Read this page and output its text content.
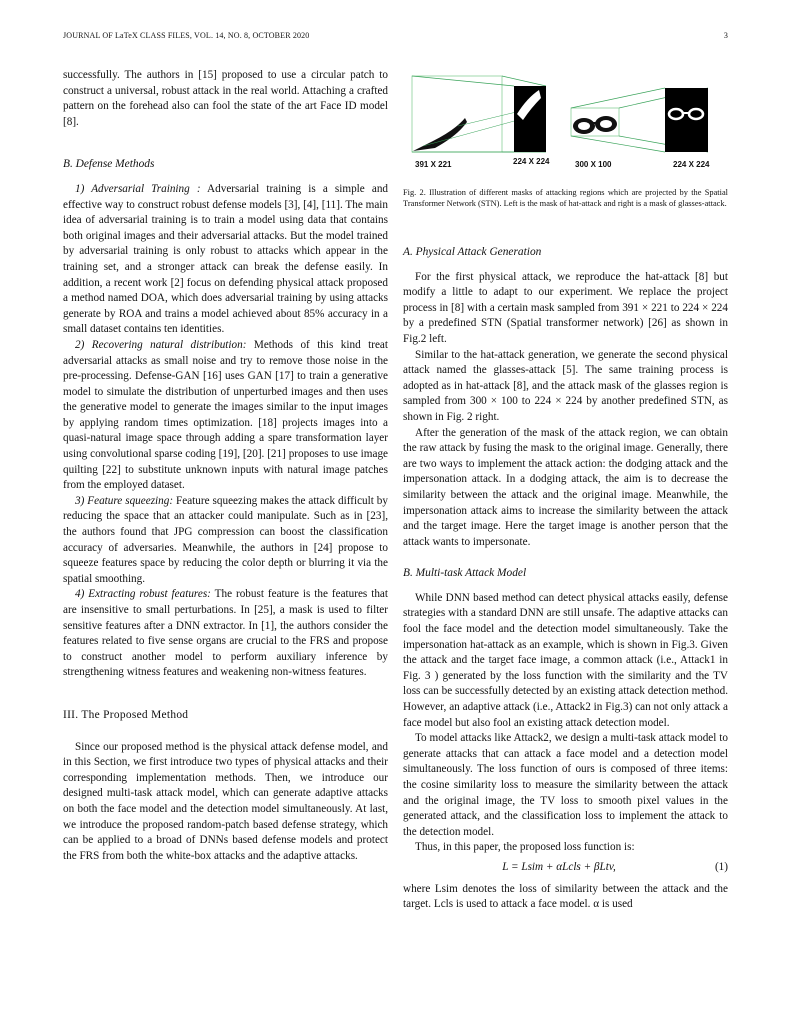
JOURNAL OF LaTeX CLASS FILES, VOL. 14, NO. 8, OCTOBER 2020	3

successfully. The authors in [15] proposed to use a circular patch to construct a universal, robust attack in the real world. Attaching a crafted pattern on the forehead also can fool the state of the art Face ID model [8].

B. Defense Methods

1) Adversarial Training : Adversarial training is a simple and effective way to construct robust defense models [3], [4], [11]. The main idea of adversarial training is to train a model using data that contains both original images and their adversarial attacks. But the model trained by adversarial training is only robust to attacks which appear in the training set, and a stronger attack can break the defense easily. In addition, a recent work [2] focus on defending physical attack proposed a method named DOA, which does adversarial training by using attacks generate by ROA and trains a model achieved about 85% accuracy in a small dataset contains ten identities.

2) Recovering natural distribution: Methods of this kind treat adversarial attacks as small noise and try to remove those noise in the pre-processing. Defense-GAN [16] uses GAN [17] to train a generative model to simulate the distribution of unperturbed images and then uses the generative model to generate the images similar to the input images by applying random times optimization. [18] projects images into a quasi-natural image space through adding a spare transformation layer using convolutional sparse coding [19], [20]. [21] proposes to use image quilting [22] to substitute unknown inputs with natural image patches from the employed dataset.

3) Feature squeezing: Feature squeezing makes the attack difficult by reducing the space that an attacker could manipulate. Such as in [23], the authors found that JPG compression can boost the classification accuracy of adversaries. Meanwhile, the authors in [24] propose to squeeze features space by reducing the color depth or blurring it via the spatial smoothing.

4) Extracting robust features: The robust feature is the features that are insensitive to small perturbations. In [25], a mask is used to filter sensitive features after a DNN extractor. In [1], the authors consider the features related to five sense organs are crucial to the FRS and propose to construct another model to perform auxiliary inference by strengthening witness features and weakening non-witness features.

III. The Proposed Method

Since our proposed method is the physical attack defense model, and in this Section, we first introduce two types of physical attacks and their corresponding implementation methods. Then, we introduce our designed multi-task attack model, which can generate adaptive attacks on both the face model and the detection model simultaneously. At last, we introduce the proposed random-patch based defense strategy, which can be applied to a broad of DNNs based defense models and protect the FRS from both the white-box attacks and the adaptive attacks.

391 X 221	224 X 224	300 X 100	224 X 224

Fig. 2. Illustration of different masks of attacking regions which are projected by the Spatial Transformer Network (STN). Left is the mask of hat-attack and right is a mask of glasses-attack.

A. Physical Attack Generation

For the first physical attack, we reproduce the hat-attack [8] but modify a little to adapt to our experiment. We replace the project process in [8] with a certain mask sampled from 391 × 221 to 224 × 224 by a predefined STN (Spatial transformer network) [26] as shown in Fig.2 left.

Similar to the hat-attack generation, we generate the second physical attack named the glasses-attack [5]. The same training process is adopted as in hat-attack [8], and the attack mask of the glasses region is sampled from 300 × 100 to 224 × 224 by another predefined STN, as shown in Fig. 2 right.

After the generation of the mask of the attack region, we can obtain the raw attack by fusing the mask to the original image. Generally, there are two ways to implement the attack action: the dodging attack and the impersonation attack. In a dodging attack, the aim is to decrease the similarity between the attack and the original image. Meanwhile, the impersonation attack aims to increase the similarity between the attack and the target image. Here the target image is another person that the attack wants to impersonate.

B. Multi-task Attack Model

While DNN based method can detect physical attacks easily, defense strategies with a standard DNN are still unsafe. The adaptive attacks can fool the face model and the detection model simultaneously. Take the impersonation hat-attack as an example, which is shown in Fig.3. Given the attack and the target face image, a common attack (i.e., Attack1 in Fig. 3 ) generated by the loss function with the similarity and the TV loss can be successfully detected by an existing attack detection method. However, an adaptive attack (i.e., Attack2 in Fig.3) can not only attack a face model but also fool an existing attack detection model.

To model attacks like Attack2, we design a multi-task attack model to generate attacks that can attack a face model and a detection model simultaneously. The loss function of ours is composed of three items: the cosine similarity loss to measure the similarity between the attack and the original image, the TV loss to smooth pixel values in the generated attack, and the classification loss to implement the attack to the detection model.

Thus, in this paper, the proposed loss function is:

L = Lsim + αLcls + βLtv,	(1)

where Lsim denotes the loss of similarity between the attack and the target. Lcls is used to attack a face model. α is used
